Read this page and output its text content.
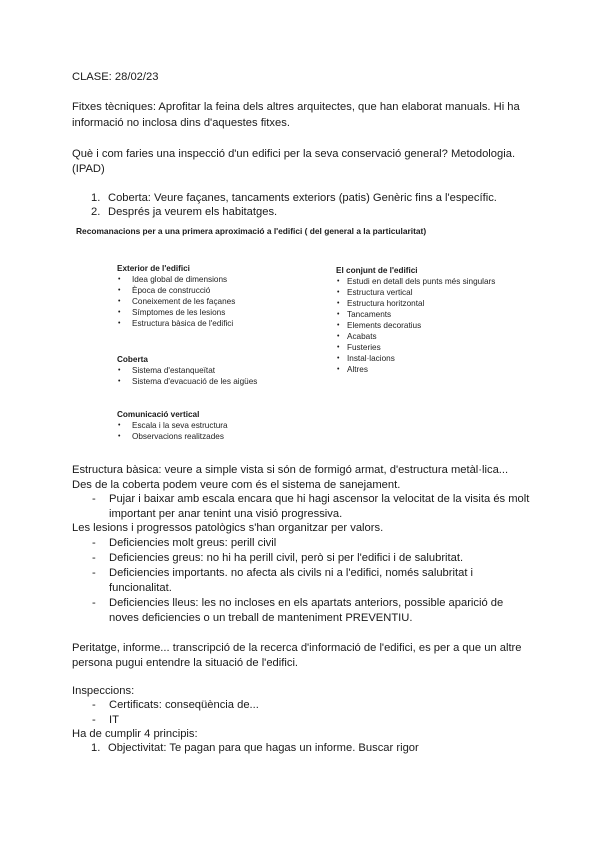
CLASE: 28/02/23
Fitxes tècniques: Aprofitar la feina dels altres arquitectes, que han elaborat manuals. Hi ha
informació no inclosa dins d'aquestes fitxes.
Què i com faries una inspecció d'un edifici per la seva conservació general? Metodologia.
(IPAD)
1. Coberta: Veure façanes, tancaments exteriors (patis) Genèric fins a l'específic.
2. Després ja veurem els habitatges.
Recomanacions per a una primera aproximació a l'edifici ( del general a la particularitat)
Exterior de l'edifici
• Idea global de dimensions
• Època de construcció
• Coneixement de les façanes
• Símptomes de les lesions
• Estructura bàsica de l'edifici
Coberta
• Sistema d'estanqueïtat
• Sistema d'evacuació de les aigües
Comunicació vertical
• Escala i la seva estructura
• Observacions realitzades
El conjunt de l'edifici
• Estudi en detall dels punts més singulars
• Estructura vertical
• Estructura horitzontal
• Tancaments
• Elements decoratius
• Acabats
• Fusteries
• Instal·lacions
• Altres
Estructura bàsica: veure a simple vista si són de formigó armat, d'estructura metàl·lica...
Des de la coberta podem veure com és el sistema de sanejament.
- Pujar i baixar amb escala encara que hi hagi ascensor la velocitat de la visita és molt
important per anar tenint una visió progressiva.
Les lesions i progressos patològics s'han organitzar per valors.
- Deficiencies molt greus: perill civil
- Deficiencies greus: no hi ha perill civil, però si per l'edifici i de salubritat.
- Deficiencies importants. no afecta als civils ni a l'edifici, només salubritat i
funcionalitat.
- Deficiencies lleus: les no incloses en els apartats anteriors, possible aparició de
noves deficiencies o un treball de manteniment PREVENTIU.
Peritatge, informe... transcripció de la recerca d'informació de l'edifici, es per a que un altre
persona pugui entendre la situació de l'edifici.
Inspeccions:
- Certificats: conseqüència de...
- IT
Ha de cumplir 4 principis:
1. Objectivitat: Te pagan para que hagas un informe. Buscar rigor
